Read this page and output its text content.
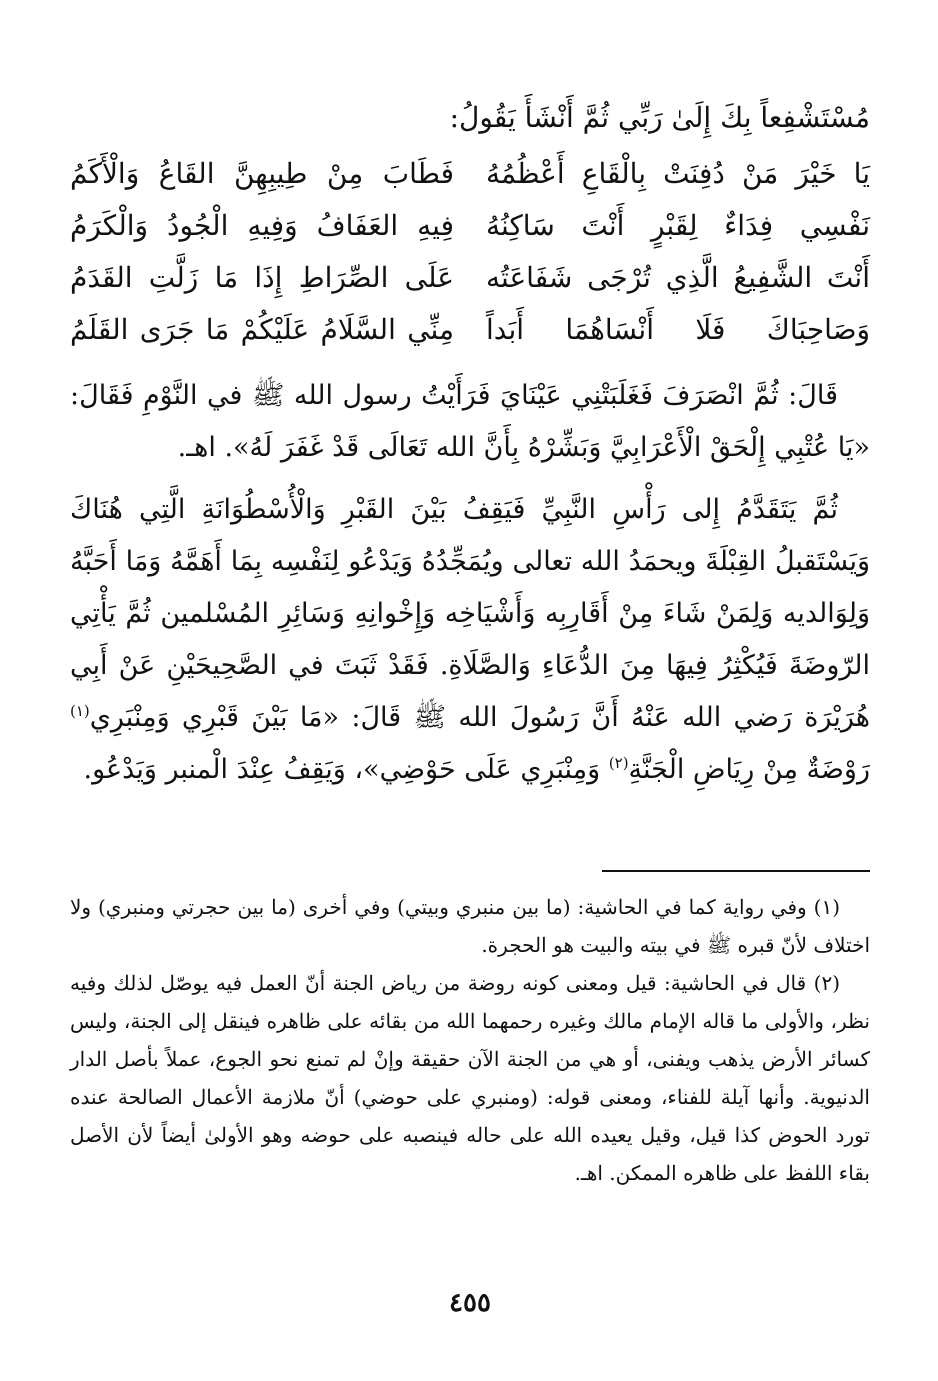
مُسْتَشْفِعاً بِكَ إِلَىٰ رَبِّي ثُمَّ أَنْشَأَ يَقُولُ:

يَا خَيْرَ مَنْ دُفِنَتْ بِالْقَاعِ أَعْظُمُهُ
فَطَابَ مِنْ طِيبِهِنَّ القَاعُ وَالْأَكَمُ
نَفْسِي فِدَاءٌ لِقَبْرٍ أَنْتَ سَاكِنُهُ
فِيهِ العَفَافُ وَفِيهِ الْجُودُ وَالْكَرَمُ
أَنْتَ الشَّفِيعُ الَّذِي تُرْجَى شَفَاعَتُه
عَلَى الصِّرَاطِ إِذَا مَا زَلَّتِ القَدَمُ
وَصَاحِبَاكَ فَلَا أَنْسَاهُمَا أَبَداً
مِنِّي السَّلَامُ عَلَيْكُمْ مَا جَرَى القَلَمُ

قَالَ: ثُمَّ انْصَرَفَ فَغَلَبَتْنِي عَيْنَايَ فَرَأَيْتُ رسول الله ﷺ في النَّوْمِ فَقَالَ: «يَا عُتْبِي إِلْحَقْ الْأَعْرَابِيَّ وَبَشِّرْهُ بِأَنَّ الله تَعَالَى قَدْ غَفَرَ لَهُ». اهـ.

ثُمَّ يَتَقَدَّمُ إِلى رَأْسِ النَّبِيِّ فَيَقِفُ بَيْنَ القَبْرِ وَالْأُسْطُوَانَةِ الَّتِي هُنَاكَ وَيَسْتَقبلُ القِبْلَةَ ويحمَدُ الله تعالى ويُمَجِّدُهُ وَيَدْعُو لِنَفْسِه بِمَا أَهَمَّهُ وَمَا أَحَبَّهُ وَلِوَالديه وَلِمَنْ شَاءَ مِنْ أَقَارِبِه وَأَشْيَاخِه وَإِخْوانِهِ وَسَائِرِ المُسْلمين ثُمَّ يَأْتِي الرّوضَةَ فَيُكْثِرُ فِيهَا مِنَ الدُّعَاءِ وَالصَّلَاةِ. فَقَدْ ثَبَتَ في الصَّحِيحَيْنِ عَنْ أَبِي هُرَيْرَة رَضي الله عَنْهُ أَنَّ رَسُولَ الله ﷺ قَالَ: «مَا بَيْنَ قَبْرِي وَمِنْبَرِي$^{(١)}$ رَوْضَةٌ مِنْ رِيَاضِ الْجَنَّةِ$^{(٢)}$ وَمِنْبَرِي عَلَى حَوْضِي»، وَيَقِفُ عِنْدَ الْمنبر وَيَدْعُو.

(١) وفي رواية كما في الحاشية: (ما بين منبري وبيتي) وفي أخرى (ما بين حجرتي ومنبري) ولا اختلاف لأنّ قبره ﷺ في بيته والبيت هو الحجرة.

(٢) قال في الحاشية: قيل ومعنى كونه روضة من رياض الجنة أنّ العمل فيه يوصّل لذلك وفيه نظر، والأولى ما قاله الإمام مالك وغيره رحمهما الله من بقائه على ظاهره فينقل إلى الجنة، وليس كسائر الأرض يذهب ويفنى، أو هي من الجنة الآن حقيقة وإنْ لم تمنع نحو الجوع، عملاً بأصل الدار الدنيوية. وأنها آيلة للفناء، ومعنى قوله: (ومنبري على حوضي) أنّ ملازمة الأعمال الصالحة عنده تورد الحوض كذا قيل، وقيل يعيده الله على حاله فينصبه على حوضه وهو الأولىٰ أيضاً لأن الأصل بقاء اللفظ على ظاهره الممكن. اهـ.

٤٥٥
